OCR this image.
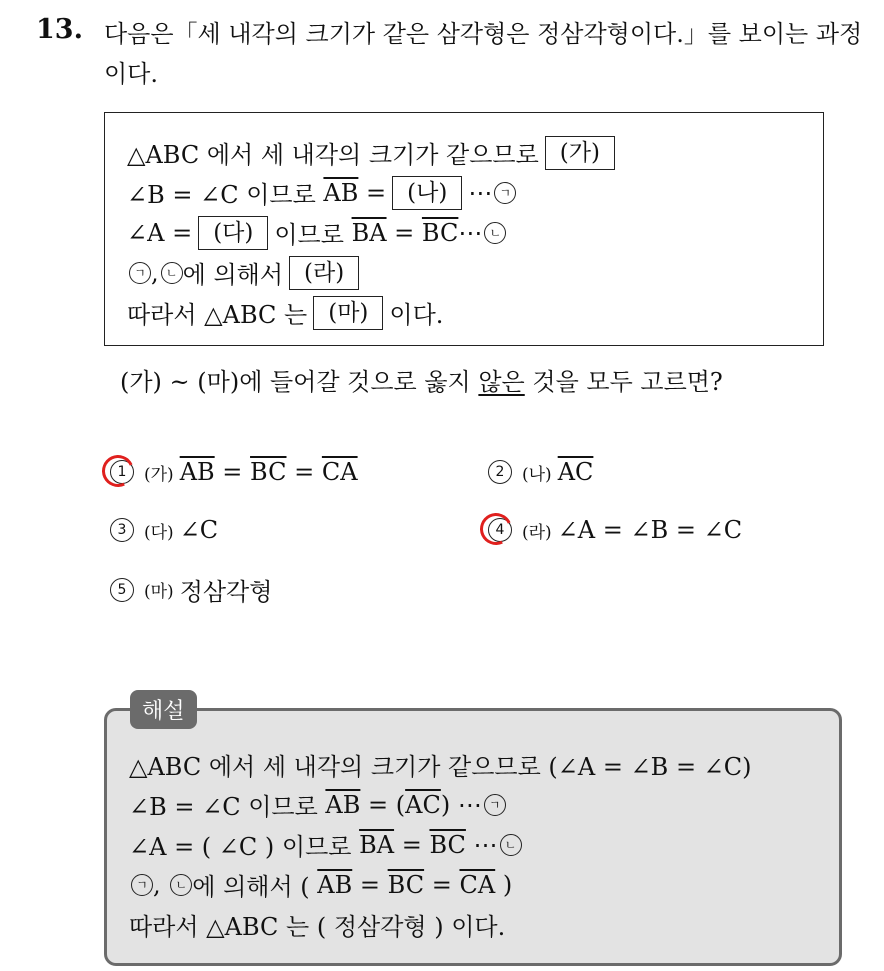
13. 다음은「세 내각의 크기가 같은 삼각형은 정삼각형이다.」를 보이는 과정이다.
△ABC 에서 세 내각의 크기가 같으므로 (가)
∠B = ∠C 이므로
$\overline{AB}$
= (나) ⋯ ㄱ
∠A = (다) 이므로
$\overline{BA}$
=
$\overline{BC}$ ⋯ ㄴ
ㄱ , ㄴ 에 의해서 (라)
따라서 △ABC 는 (마) 이다.
(가) ~ (마)에 들어갈 것으로 옳지 않은 것을 모두 고르면?
1	(가) $\overline{AB}$
=
$\overline{BC}$
=
$\overline{CA}$	2	(나) $\overline{AC}$
3	(다) ∠C	4	(라) ∠A = ∠B = ∠C
5	(마) 정삼각형
△ABC 에서 세 내각의 크기가 같으므로 (∠A = ∠B = ∠C)
∠B = ∠C 이므로
$\overline{AB}$
= ( $\overline{AC}$ ) ⋯ ㄱ
∠A = ( ∠C ) 이므로
$\overline{BA}$
=
$\overline{BC}$
⋯ ㄴ
ㄱ ,
	ㄴ 에 의해서 (
$\overline{AB}$
=
$\overline{BC}$
=
$\overline{CA}$
)
따라서 △ABC 는 ( 정삼각형 ) 이다.
해설
